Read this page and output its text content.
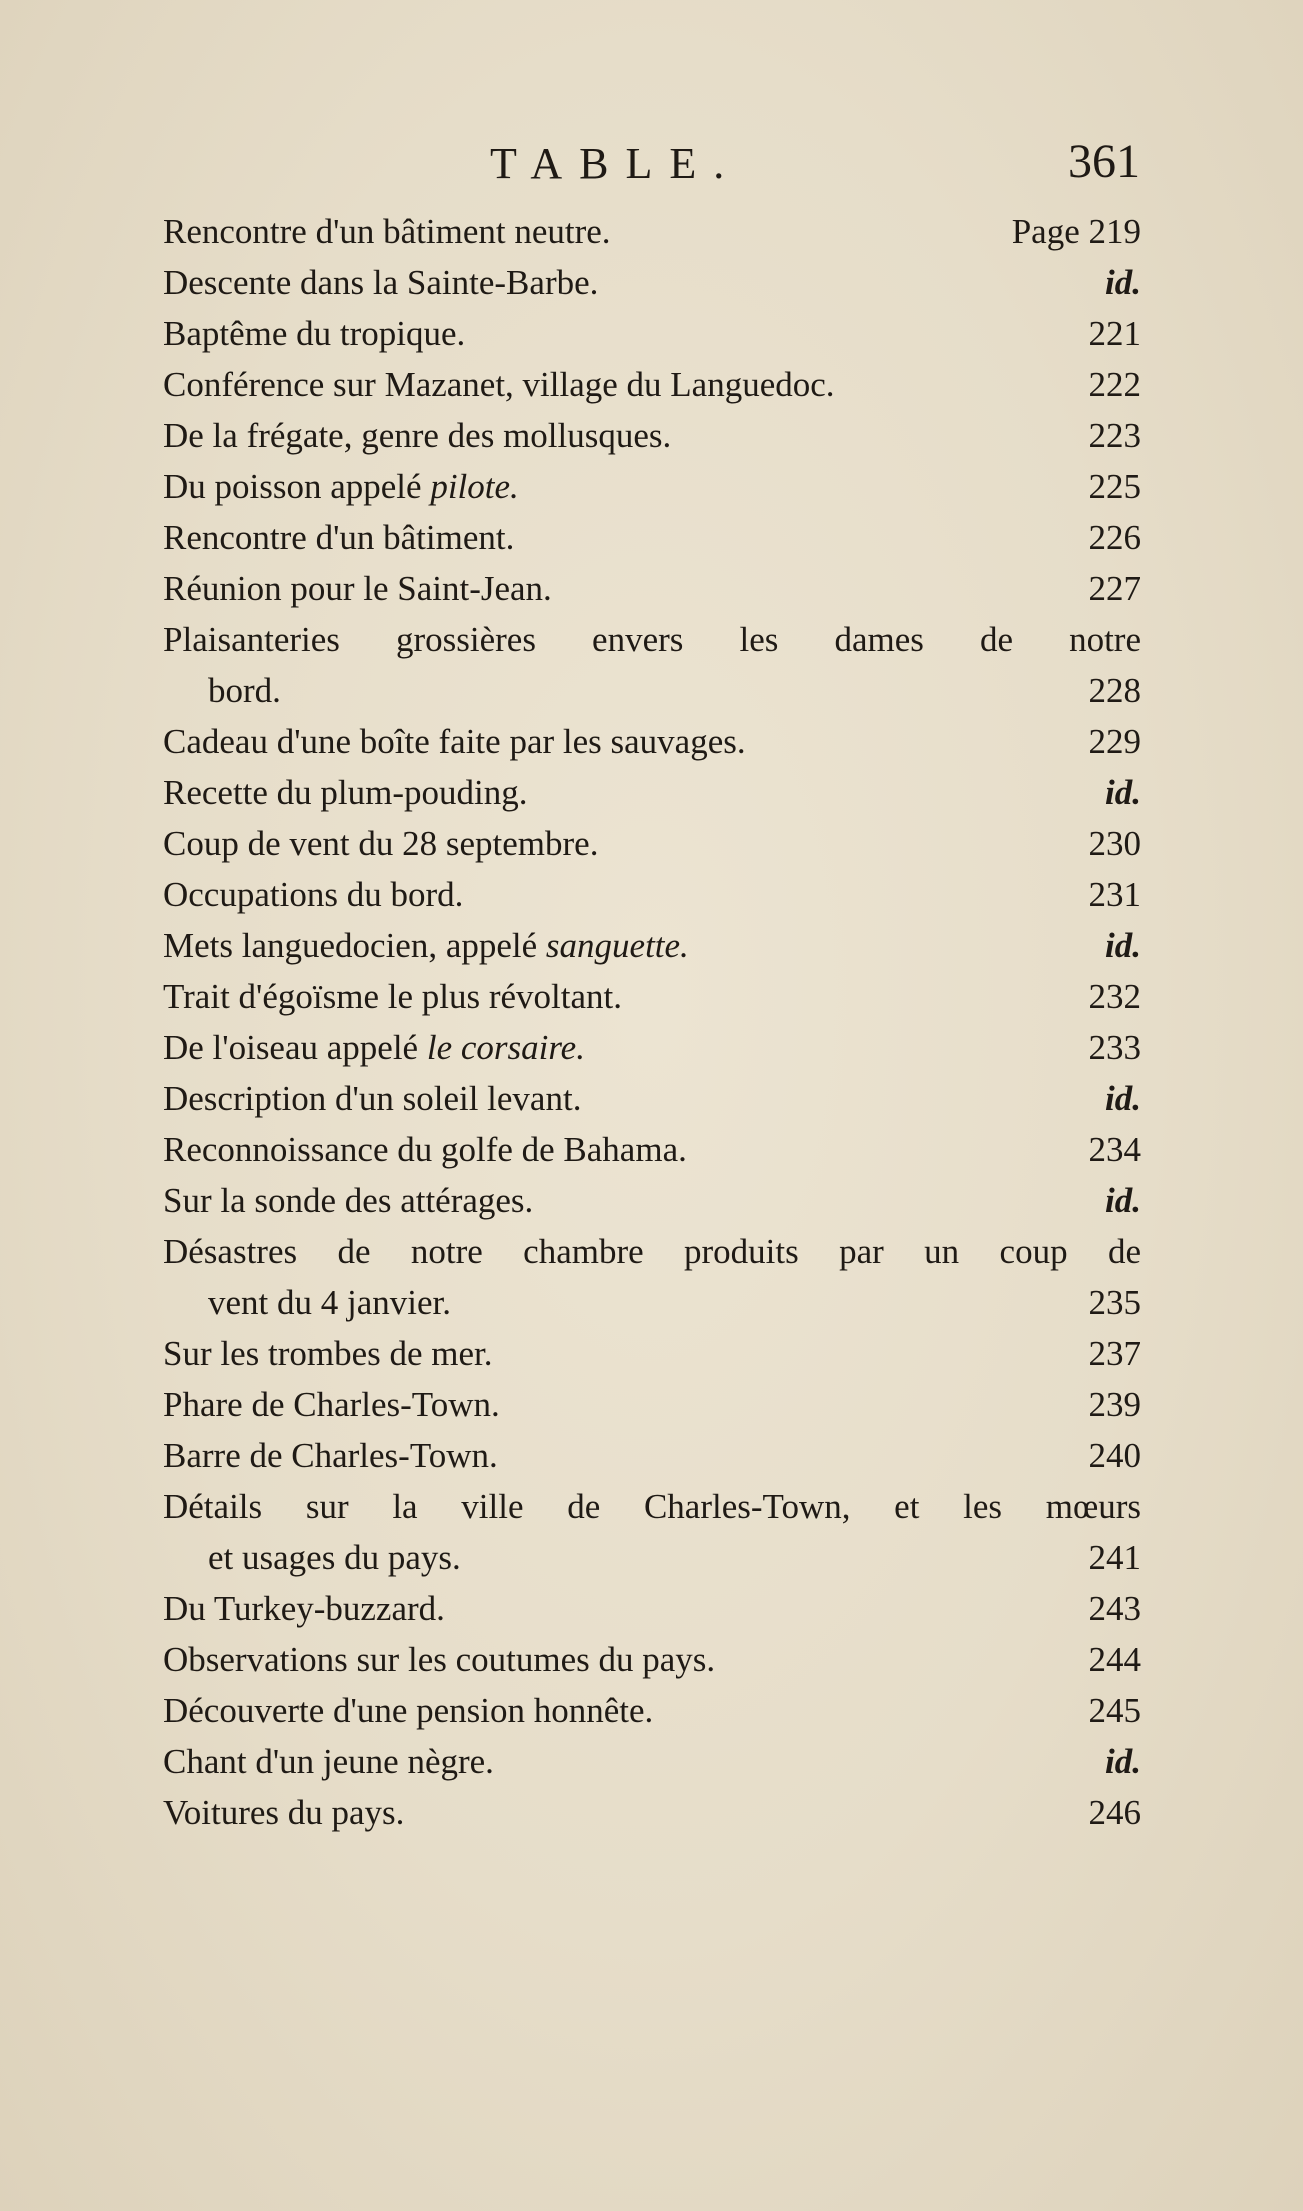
TABLE.	361
Rencontre d'un bâtiment neutre.	Page 219
Descente dans la Sainte-Barbe.	id.
Baptême du tropique.	221
Conférence sur Mazanet, village du Languedoc.	222
De la frégate, genre des mollusques.	223
Du poisson appelé pilote.	225
Rencontre d'un bâtiment.	226
Réunion pour le Saint-Jean.	227
Plaisanteries grossières envers les dames de notre
bord.	228
Cadeau d'une boîte faite par les sauvages.	229
Recette du plum-pouding.	id.
Coup de vent du 28 septembre.	230
Occupations du bord.	231
Mets languedocien, appelé sanguette.	id.
Trait d'égoïsme le plus révoltant.	232
De l'oiseau appelé le corsaire.	233
Description d'un soleil levant.	id.
Reconnoissance du golfe de Bahama.	234
Sur la sonde des attérages.	id.
Désastres de notre chambre produits par un coup de
vent du 4 janvier.	235
Sur les trombes de mer.	237
Phare de Charles-Town.	239
Barre de Charles-Town.	240
Détails sur la ville de Charles-Town, et les mœurs
et usages du pays.	241
Du Turkey-buzzard.	243
Observations sur les coutumes du pays.	244
Découverte d'une pension honnête.	245
Chant d'un jeune nègre.	id.
Voitures du pays.	246
